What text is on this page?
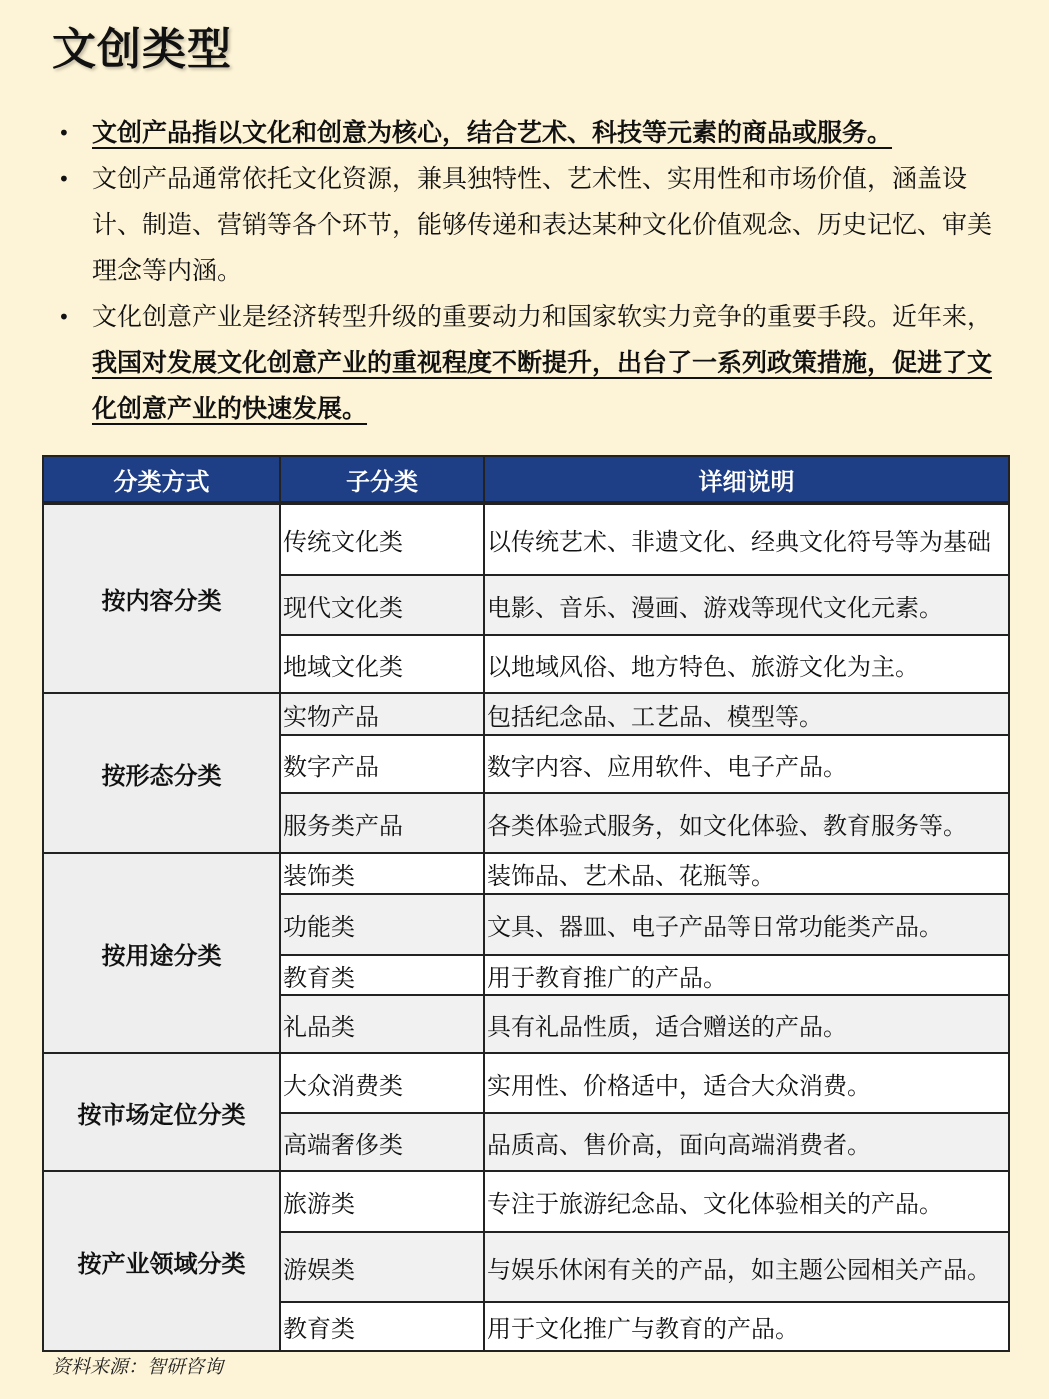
文创类型
• 文创产品指以文化和创意为核心，结合艺术、科技等元素的商品或服务。
• 文创产品通常依托文化资源，兼具独特性、艺术性、实用性和市场价值，涵盖设计、制造、营销等各个环节，能够传递和表达某种文化价值观念、历史记忆、审美理念等内涵。
• 文化创意产业是经济转型升级的重要动力和国家软实力竞争的重要手段。近年来，我国对发展文化创意产业的重视程度不断提升，出台了一系列政策措施，促进了文化创意产业的快速发展。
分类方式	子分类	详细说明
按内容分类	传统文化类	以传统艺术、非遗文化、经典文化符号等为基础
	现代文化类	电影、音乐、漫画、游戏等现代文化元素。
	地域文化类	以地域风俗、地方特色、旅游文化为主。
按形态分类	实物产品	包括纪念品、工艺品、模型等。
	数字产品	数字内容、应用软件、电子产品。
	服务类产品	各类体验式服务，如文化体验、教育服务等。
按用途分类	装饰类	装饰品、艺术品、花瓶等。
	功能类	文具、器皿、电子产品等日常功能类产品。
	教育类	用于教育推广的产品。
	礼品类	具有礼品性质，适合赠送的产品。
按市场定位分类	大众消费类	实用性、价格适中，适合大众消费。
	高端奢侈类	品质高、售价高，面向高端消费者。
按产业领域分类	旅游类	专注于旅游纪念品、文化体验相关的产品。
	游娱类	与娱乐休闲有关的产品，如主题公园相关产品。
	教育类	用于文化推广与教育的产品。
资料来源：智研咨询
